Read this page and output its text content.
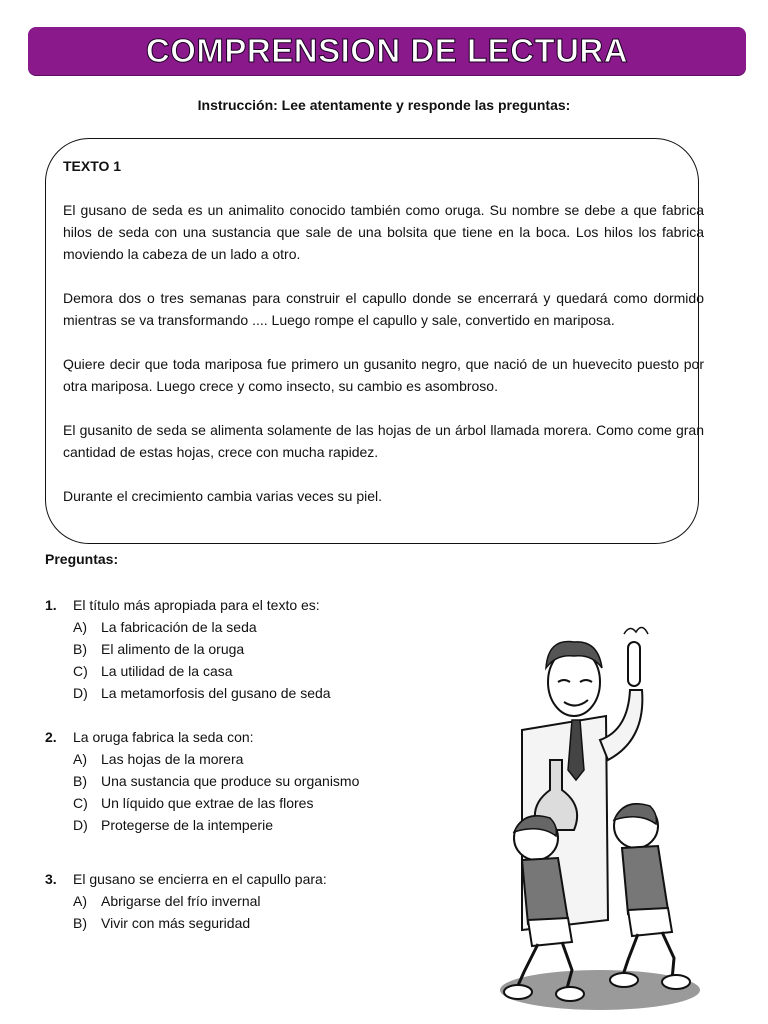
COMPRENSION DE LECTURA
Instrucción: Lee atentamente y responde las preguntas:
TEXTO 1

El gusano de seda es un animalito conocido también como oruga. Su nombre se debe a que fabrica hilos de seda con una sustancia que sale de una bolsita que tiene en la boca. Los hilos los fabrica moviendo la cabeza de un lado a otro.

Demora dos o tres semanas para construir el capullo donde se encerrará y quedará como dormido mientras se va transformando .... Luego rompe el capullo y sale, convertido en mariposa.

Quiere decir que toda mariposa fue primero un gusanito negro, que nació de un huevecito puesto por otra mariposa. Luego crece y como insecto, su cambio es asombroso.

El gusanito de seda se alimenta solamente de las hojas de un árbol llamada morera. Como come gran cantidad de estas hojas, crece con mucha rapidez.

Durante el crecimiento cambia varias veces su piel.

Preguntas:
1.	El título más apropiada para el texto es:
A)	La fabricación de la seda
B)	El alimento de la oruga
C) La utilidad de la casa
D) La metamorfosis del gusano de seda
2.	La oruga fabrica la seda con:
A)	Las hojas de la morera
B)	Una sustancia que produce su organismo
C) Un líquido que extrae de las flores
D) Protegerse de la intemperie
3.	El gusano se encierra en el capullo para:
A)	Abrigarse del frío invernal
B)	Vivir con más seguridad
